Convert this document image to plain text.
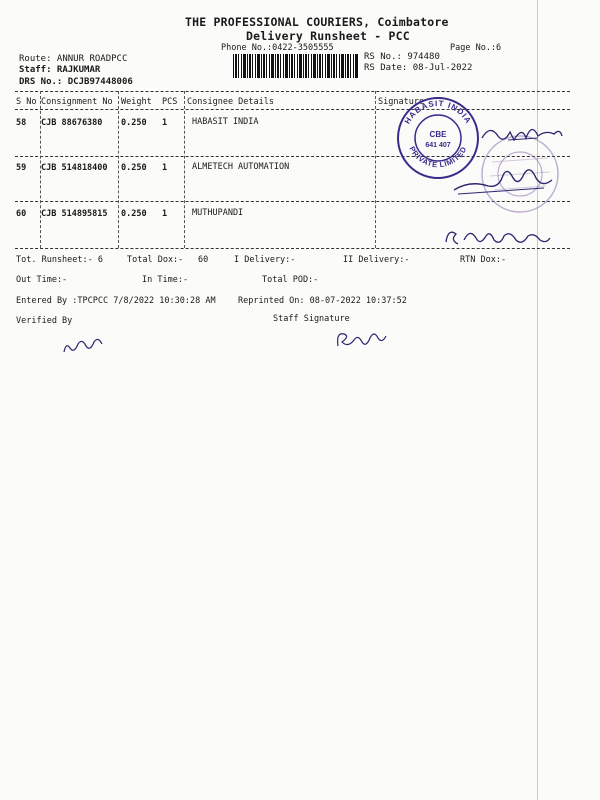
THE PROFESSIONAL COURIERS, Coimbatore
Delivery Runsheet - PCC
Phone No.:0422-3505555	Page No.:6
Route: ANNUR ROADPCC
Staff: RAJKUMAR
DRS No.: DCJB97448006
RS No.: 974480
RS Date: 08-Jul-2022
S No Consignment No Weight PCS Consignee Details	Signature
58 CJB 88676380 0.250 1	HABASIT INDIA
59 CJB 514818400 0.250 1	ALMETECH AUTOMATION
60 CJB 514895815 0.250 1	MUTHUPANDI
HABASIT INDIA
PRIVATE LIMITED
CBE
641 407
Tot. Runsheet:- 6	Total Dox:- 60	I Delivery:-	II Delivery:-	RTN Dox:-
Out Time:-	In Time:-	Total POD:-
Entered By :TPCPCC 7/8/2022 10:30:28 AM	Reprinted On: 08-07-2022 10:37:52
Verified By	Staff Signature
